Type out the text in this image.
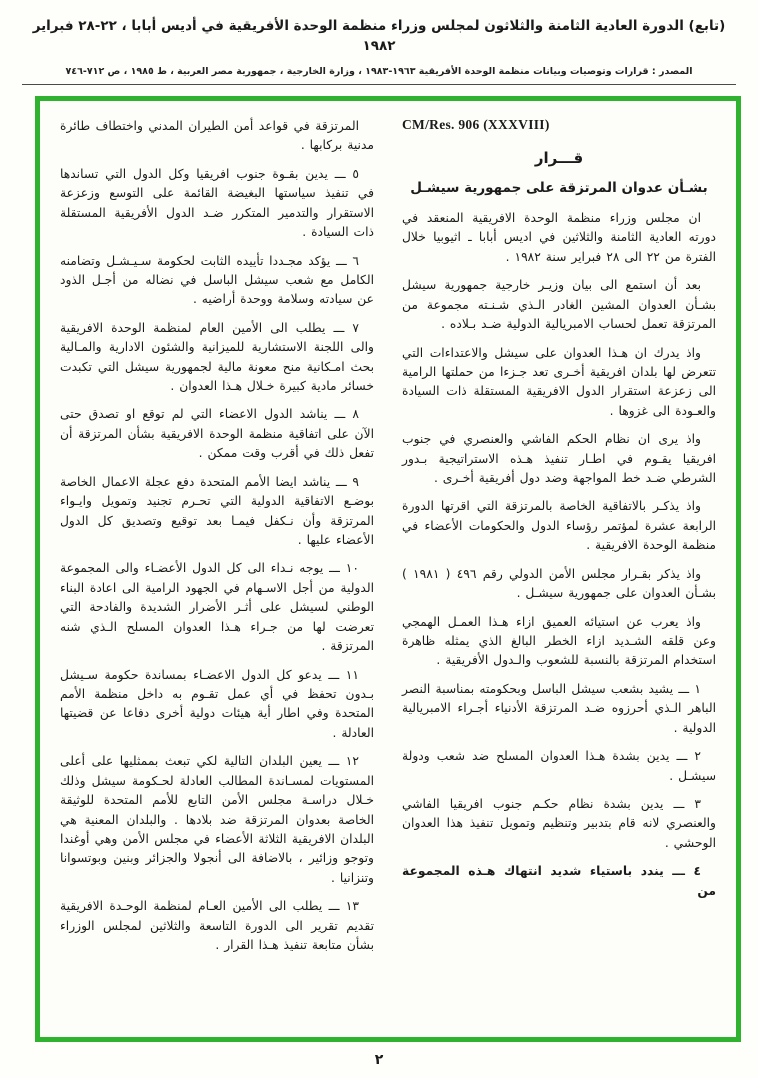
(تابع) الدورة العادية الثامنة والثلاثون لمجلس وزراء منظمة الوحدة الأفريقية في أديس أبابا ، ٢٢-٢٨ فبراير ١٩٨٢
المصدر : قرارات وتوصيات وبيانات منظمة الوحدة الأفريقية ١٩٦٣-١٩٨٣ ، وزارة الخارجية ، جمهورية مصر العربية ، ط ١٩٨٥ ، ص ٧١٢-٧٤٦
CM/Res. 906 (XXXVIII)
قـــرار
بشـأن عدوان المرتزقة على جمهورية سيشـل

ان مجلس وزراء منظمة الوحدة الافريقية المنعقد في دورته العادية الثامنة والثلاثين في اديس أبابا ـ اثيوبيا خلال الفترة من ٢٢ الى ٢٨ فبراير سنة ١٩٨٢ .

بعد أن استمع الى بيان وزيـر خارجية جمهورية سيشل بشـأن العدوان المشين الغادر الـذي شـنـته مجموعة من المرتزقة تعمل لحساب الامبريالية الدولية ضـد بـلاده .

واذ يدرك ان هـذا العدوان على سيشل والاعتداءات التي تتعرض لها بلدان افريقية أخـرى تعد جـزءا من حملتها الرامية الى زعزعة استقرار الدول الافريقية المستقلة ذات السيادة والعـودة الى غزوها .

واذ يرى ان نظام الحكم الفاشي والعنصري في جنوب افريقيا يقـوم في اطـار تنفيذ هـذه الاستراتيجية بـدور الشرطي ضـد خط المواجهة وضد دول أفريقية أخـرى .

واذ يذكـر بالاتفاقية الخاصة بالمرتزقة التي اقرتها الدورة الرابعة عشرة لمؤتمر رؤساء الدول والحكومات الأعضاء في منظمة الوحدة الافريقية .

واذ يذكر بقـرار مجلس الأمن الدولي رقم ٤٩٦ ( ١٩٨١ ) بشـأن العدوان على جمهورية سيشـل .

واذ يعرب عن استيائه العميق ازاء هـذا العمـل الهمجي وعن قلقه الشـديد ازاء الخطر البالغ الذي يمثله ظاهرة استخدام المرتزقة بالنسبة للشعوب والـدول الأفريقية .

١ ـــ يشيد بشعب سيشل الباسل وبحكومته بمناسبة النصر الباهر الـذي أحرزوه ضـد المرتزقة الأدنياء أجـراء الامبريالية الدولية .

٢ ـــ يدين بشدة هـذا العدوان المسلح ضد شعب ودولة سيشـل .

٣ ـــ يدين بشدة نظام حكـم جنوب افريقيا الفاشي والعنصري لانه قام بتدبير وتنظيم وتمويل تنفيذ هذا العدوان الوحشي .

٤ ـــ يندد باستياء شديد انتهاك هـذه المجموعة من

المرتزقة في قواعد أمن الطيران المدني واختطاف طائرة مدنية بركابها .

٥ ـــ يدين بقـوة جنوب افريقيا وكل الدول التي تساندها في تنفيذ سياستها البغيضة القائمة على التوسع وزعزعة الاستقرار والتدمير المتكرر ضـد الدول الأفريقية المستقلة ذات السيادة .

٦ ـــ يؤكد مجـددا تأييده الثابت لحكومة سـيـشـل وتضامنه الكامل مع شعب سيشل الباسل في نضاله من أجـل الذود عن سيادته وسلامة ووحدة أراضيه .

٧ ـــ يطلب الى الأمين العام لمنظمة الوحدة الافريقية والى اللجنة الاستشارية للميزانية والشئون الادارية والمـالية بحث امـكانية منح معونة مالية لجمهورية سيشل التي تكبدت خسائر مادية كبيرة خـلال هـذا العدوان .

٨ ـــ يناشد الدول الاعضاء التي لم توقع او تصدق حتى الآن على اتفاقية منظمة الوحدة الافريقية بشأن المرتزقة أن تفعل ذلك في أقرب وقت ممكن .

٩ ـــ يناشد ايضا الأمم المتحدة دفع عجلة الاعمال الخاصة بوضـع الاتفاقية الدولية التي تحـرم تجنيد وتمويل وايـواء المرتزقة وأن نـكفل فيمـا بعد توقيع وتصديق كل الدول الأعضاء عليها .

١٠ ـــ يوجه نـداء الى كل الدول الأعضـاء والى المجموعة الدولية من أجل الاسـهام في الجهود الرامية الى اعادة البناء الوطني لسيشل على أثـر الأضرار الشديدة والفادحة التي تعرضت لها من جـراء هـذا العدوان المسلح الـذي شنه المرتزقة .

١١ ـــ يدعو كل الدول الاعضـاء بمساندة حكومة سـيشل بـدون تحفظ في أي عمل تقـوم به داخل منظمة الأمم المتحدة وفي اطار أية هيئات دولية أخرى دفاعا عن قضيتها العادلة .

١٢ ـــ يعين البلدان التالية لكي تبعث بممثليها على أعلى المستويات لمسـاندة المطالب العادلة لحـكومة سيشل وذلك خـلال دراسـة مجلس الأمن التابع للأمم المتحدة للوثيقة الخاصة بعدوان المرتزقة ضد بلادها . والبلدان المعنية هي البلدان الافريقية الثلاثة الأعضاء في مجلس الأمن وهي أوغندا وتوجو وزائير ، بالاضافة الى أنجولا والجزائر وبنين وبوتسوانا وتنزانيا .

١٣ ـــ يطلب الى الأمين العـام لمنظمة الوحـدة الافريقية تقديم تقرير الى الدورة التاسعة والثلاثين لمجلس الوزراء بشأن متابعة تنفيذ هـذا القرار .

٢
